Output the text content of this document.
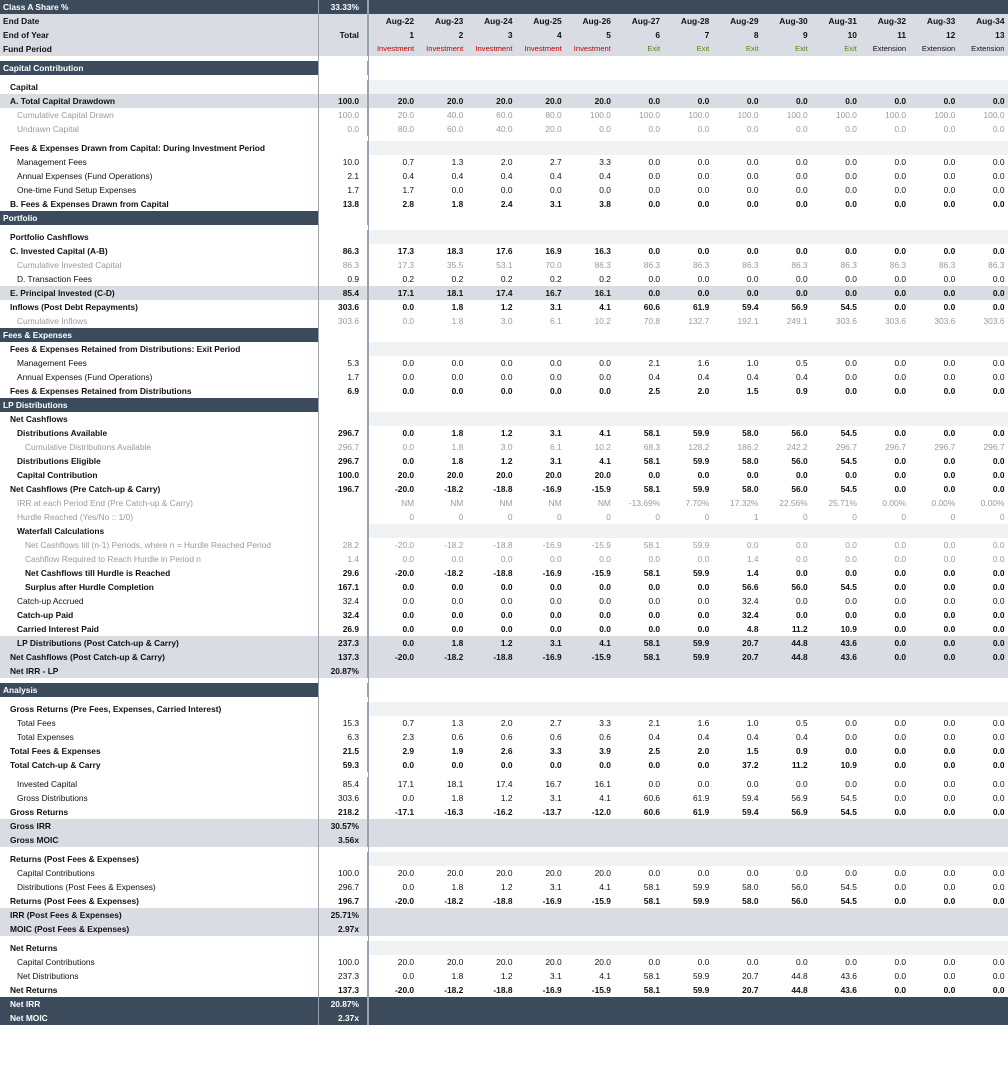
Class A Share %	33.33%
End Date	Aug-22	Aug-23	Aug-24	Aug-25	Aug-26	Aug-27	Aug-28	Aug-29	Aug-30	Aug-31	Aug-32	Aug-33	Aug-34
End of Year	Total	1	2	3	4	5	6	7	8	9	10	11	12	13
Fund Period	Investment	Investment	Investment	Investment	Investment	Exit	Exit	Exit	Exit	Exit	Extension	Extension	Extension
Capital Contribution
Capital
A. Total Capital Drawdown	100.0	20.0	20.0	20.0	20.0	20.0	0.0	0.0	0.0	0.0	0.0	0.0	0.0	0.0
Cumulative Capital Drawn	100.0	20.0	40.0	60.0	80.0	100.0	100.0	100.0	100.0	100.0	100.0	100.0	100.0	100.0
Undrawn Capital	0.0	80.0	60.0	40.0	20.0	0.0	0.0	0.0	0.0	0.0	0.0	0.0	0.0	0.0
Fees & Expenses Drawn from Capital: During Investment Period
Management Fees	10.0	0.7	1.3	2.0	2.7	3.3	0.0	0.0	0.0	0.0	0.0	0.0	0.0	0.0
Annual Expenses (Fund Operations)	2.1	0.4	0.4	0.4	0.4	0.4	0.0	0.0	0.0	0.0	0.0	0.0	0.0	0.0
One-time Fund Setup Expenses	1.7	1.7	0.0	0.0	0.0	0.0	0.0	0.0	0.0	0.0	0.0	0.0	0.0	0.0
B. Fees & Expenses Drawn from Capital	13.8	2.8	1.8	2.4	3.1	3.8	0.0	0.0	0.0	0.0	0.0	0.0	0.0	0.0
Portfolio
Portfolio Cashflows
C. Invested Capital (A-B)	86.3	17.3	18.3	17.6	16.9	16.3	0.0	0.0	0.0	0.0	0.0	0.0	0.0	0.0
Cumulative Invested Capital	86.3	17.3	35.5	53.1	70.0	86.3	86.3	86.3	86.3	86.3	86.3	86.3	86.3	86.3
D. Transaction Fees	0.9	0.2	0.2	0.2	0.2	0.2	0.0	0.0	0.0	0.0	0.0	0.0	0.0	0.0
E. Principal Invested (C-D)	85.4	17.1	18.1	17.4	16.7	16.1	0.0	0.0	0.0	0.0	0.0	0.0	0.0	0.0
Inflows (Post Debt Repayments)	303.6	0.0	1.8	1.2	3.1	4.1	60.6	61.9	59.4	56.9	54.5	0.0	0.0	0.0
Cumulative Inflows	303.6	0.0	1.8	3.0	6.1	10.2	70.8	132.7	192.1	249.1	303.6	303.6	303.6	303.6
Fees & Expenses
Fees & Expenses Retained from Distributions: Exit Period
Management Fees	5.3	0.0	0.0	0.0	0.0	0.0	2.1	1.6	1.0	0.5	0.0	0.0	0.0	0.0
Annual Expenses (Fund Operations)	1.7	0.0	0.0	0.0	0.0	0.0	0.4	0.4	0.4	0.4	0.0	0.0	0.0	0.0
Fees & Expenses Retained from Distributions	6.9	0.0	0.0	0.0	0.0	0.0	2.5	2.0	1.5	0.9	0.0	0.0	0.0	0.0
LP Distributions
Net Cashflows
Distributions Available	296.7	0.0	1.8	1.2	3.1	4.1	58.1	59.9	58.0	56.0	54.5	0.0	0.0	0.0
Cumulative Distributions Available	296.7	0.0	1.8	3.0	6.1	10.2	68.3	128.2	186.2	242.2	296.7	296.7	296.7	296.7
Distributions Eligible	296.7	0.0	1.8	1.2	3.1	4.1	58.1	59.9	58.0	56.0	54.5	0.0	0.0	0.0
Capital Contribution	100.0	20.0	20.0	20.0	20.0	20.0	0.0	0.0	0.0	0.0	0.0	0.0	0.0	0.0
Net Cashflows (Pre Catch-up & Carry)	196.7	-20.0	-18.2	-18.8	-16.9	-15.9	58.1	59.9	58.0	56.0	54.5	0.0	0.0	0.0
IRR at each Period End (Pre Catch-up & Carry)	NM	NM	NM	NM	NM	-13.69%	7.70%	17.32%	22.56%	25.71%	0.00%	0.00%	0.00%
Hurdle Reached (Yes/No :: 1/0)	0	0	0	0	0	0	0	1	0	0	0	0	0
Waterfall Calculations
Net Cashflows till (n-1) Periods, where n = Hurdle Reached Period	28.2	-20.0	-18.2	-18.8	-16.9	-15.9	58.1	59.9	0.0	0.0	0.0	0.0	0.0	0.0
Cashflow Required to Reach Hurdle in Period n	1.4	0.0	0.0	0.0	0.0	0.0	0.0	0.0	1.4	0.0	0.0	0.0	0.0	0.0
Net Cashflows till Hurdle is Reached	29.6	-20.0	-18.2	-18.8	-16.9	-15.9	58.1	59.9	1.4	0.0	0.0	0.0	0.0	0.0
Surplus after Hurdle Completion	167.1	0.0	0.0	0.0	0.0	0.0	0.0	0.0	56.6	56.0	54.5	0.0	0.0	0.0
Catch-up Accrued	32.4	0.0	0.0	0.0	0.0	0.0	0.0	0.0	32.4	0.0	0.0	0.0	0.0	0.0
Catch-up Paid	32.4	0.0	0.0	0.0	0.0	0.0	0.0	0.0	32.4	0.0	0.0	0.0	0.0	0.0
Carried Interest Paid	26.9	0.0	0.0	0.0	0.0	0.0	0.0	0.0	4.8	11.2	10.9	0.0	0.0	0.0
LP Distributions (Post Catch-up & Carry)	237.3	0.0	1.8	1.2	3.1	4.1	58.1	59.9	20.7	44.8	43.6	0.0	0.0	0.0
Net Cashflows (Post Catch-up & Carry)	137.3	-20.0	-18.2	-18.8	-16.9	-15.9	58.1	59.9	20.7	44.8	43.6	0.0	0.0	0.0
Net IRR - LP	20.87%
Analysis
Gross Returns (Pre Fees, Expenses, Carried Interest)
Total Fees	15.3	0.7	1.3	2.0	2.7	3.3	2.1	1.6	1.0	0.5	0.0	0.0	0.0	0.0
Total Expenses	6.3	2.3	0.6	0.6	0.6	0.6	0.4	0.4	0.4	0.4	0.0	0.0	0.0	0.0
Total Fees & Expenses	21.5	2.9	1.9	2.6	3.3	3.9	2.5	2.0	1.5	0.9	0.0	0.0	0.0	0.0
Total Catch-up & Carry	59.3	0.0	0.0	0.0	0.0	0.0	0.0	0.0	37.2	11.2	10.9	0.0	0.0	0.0
Invested Capital	85.4	17.1	18.1	17.4	16.7	16.1	0.0	0.0	0.0	0.0	0.0	0.0	0.0	0.0
Gross Distributions	303.6	0.0	1.8	1.2	3.1	4.1	60.6	61.9	59.4	56.9	54.5	0.0	0.0	0.0
Gross Returns	218.2	-17.1	-16.3	-16.2	-13.7	-12.0	60.6	61.9	59.4	56.9	54.5	0.0	0.0	0.0
Gross IRR	30.57%
Gross MOIC	3.56x
Returns (Post Fees & Expenses)
Capital Contributions	100.0	20.0	20.0	20.0	20.0	20.0	0.0	0.0	0.0	0.0	0.0	0.0	0.0	0.0
Distributions (Post Fees & Expenses)	296.7	0.0	1.8	1.2	3.1	4.1	58.1	59.9	58.0	56.0	54.5	0.0	0.0	0.0
Returns (Post Fees & Expenses)	196.7	-20.0	-18.2	-18.8	-16.9	-15.9	58.1	59.9	58.0	56.0	54.5	0.0	0.0	0.0
IRR (Post Fees & Expenses)	25.71%
MOIC (Post Fees & Expenses)	2.97x
Net Returns
Capital Contributions	100.0	20.0	20.0	20.0	20.0	20.0	0.0	0.0	0.0	0.0	0.0	0.0	0.0	0.0
Net Distributions	237.3	0.0	1.8	1.2	3.1	4.1	58.1	59.9	20.7	44.8	43.6	0.0	0.0	0.0
Net Returns	137.3	-20.0	-18.2	-18.8	-16.9	-15.9	58.1	59.9	20.7	44.8	43.6	0.0	0.0	0.0
Net IRR	20.87%
Net MOIC	2.37x
